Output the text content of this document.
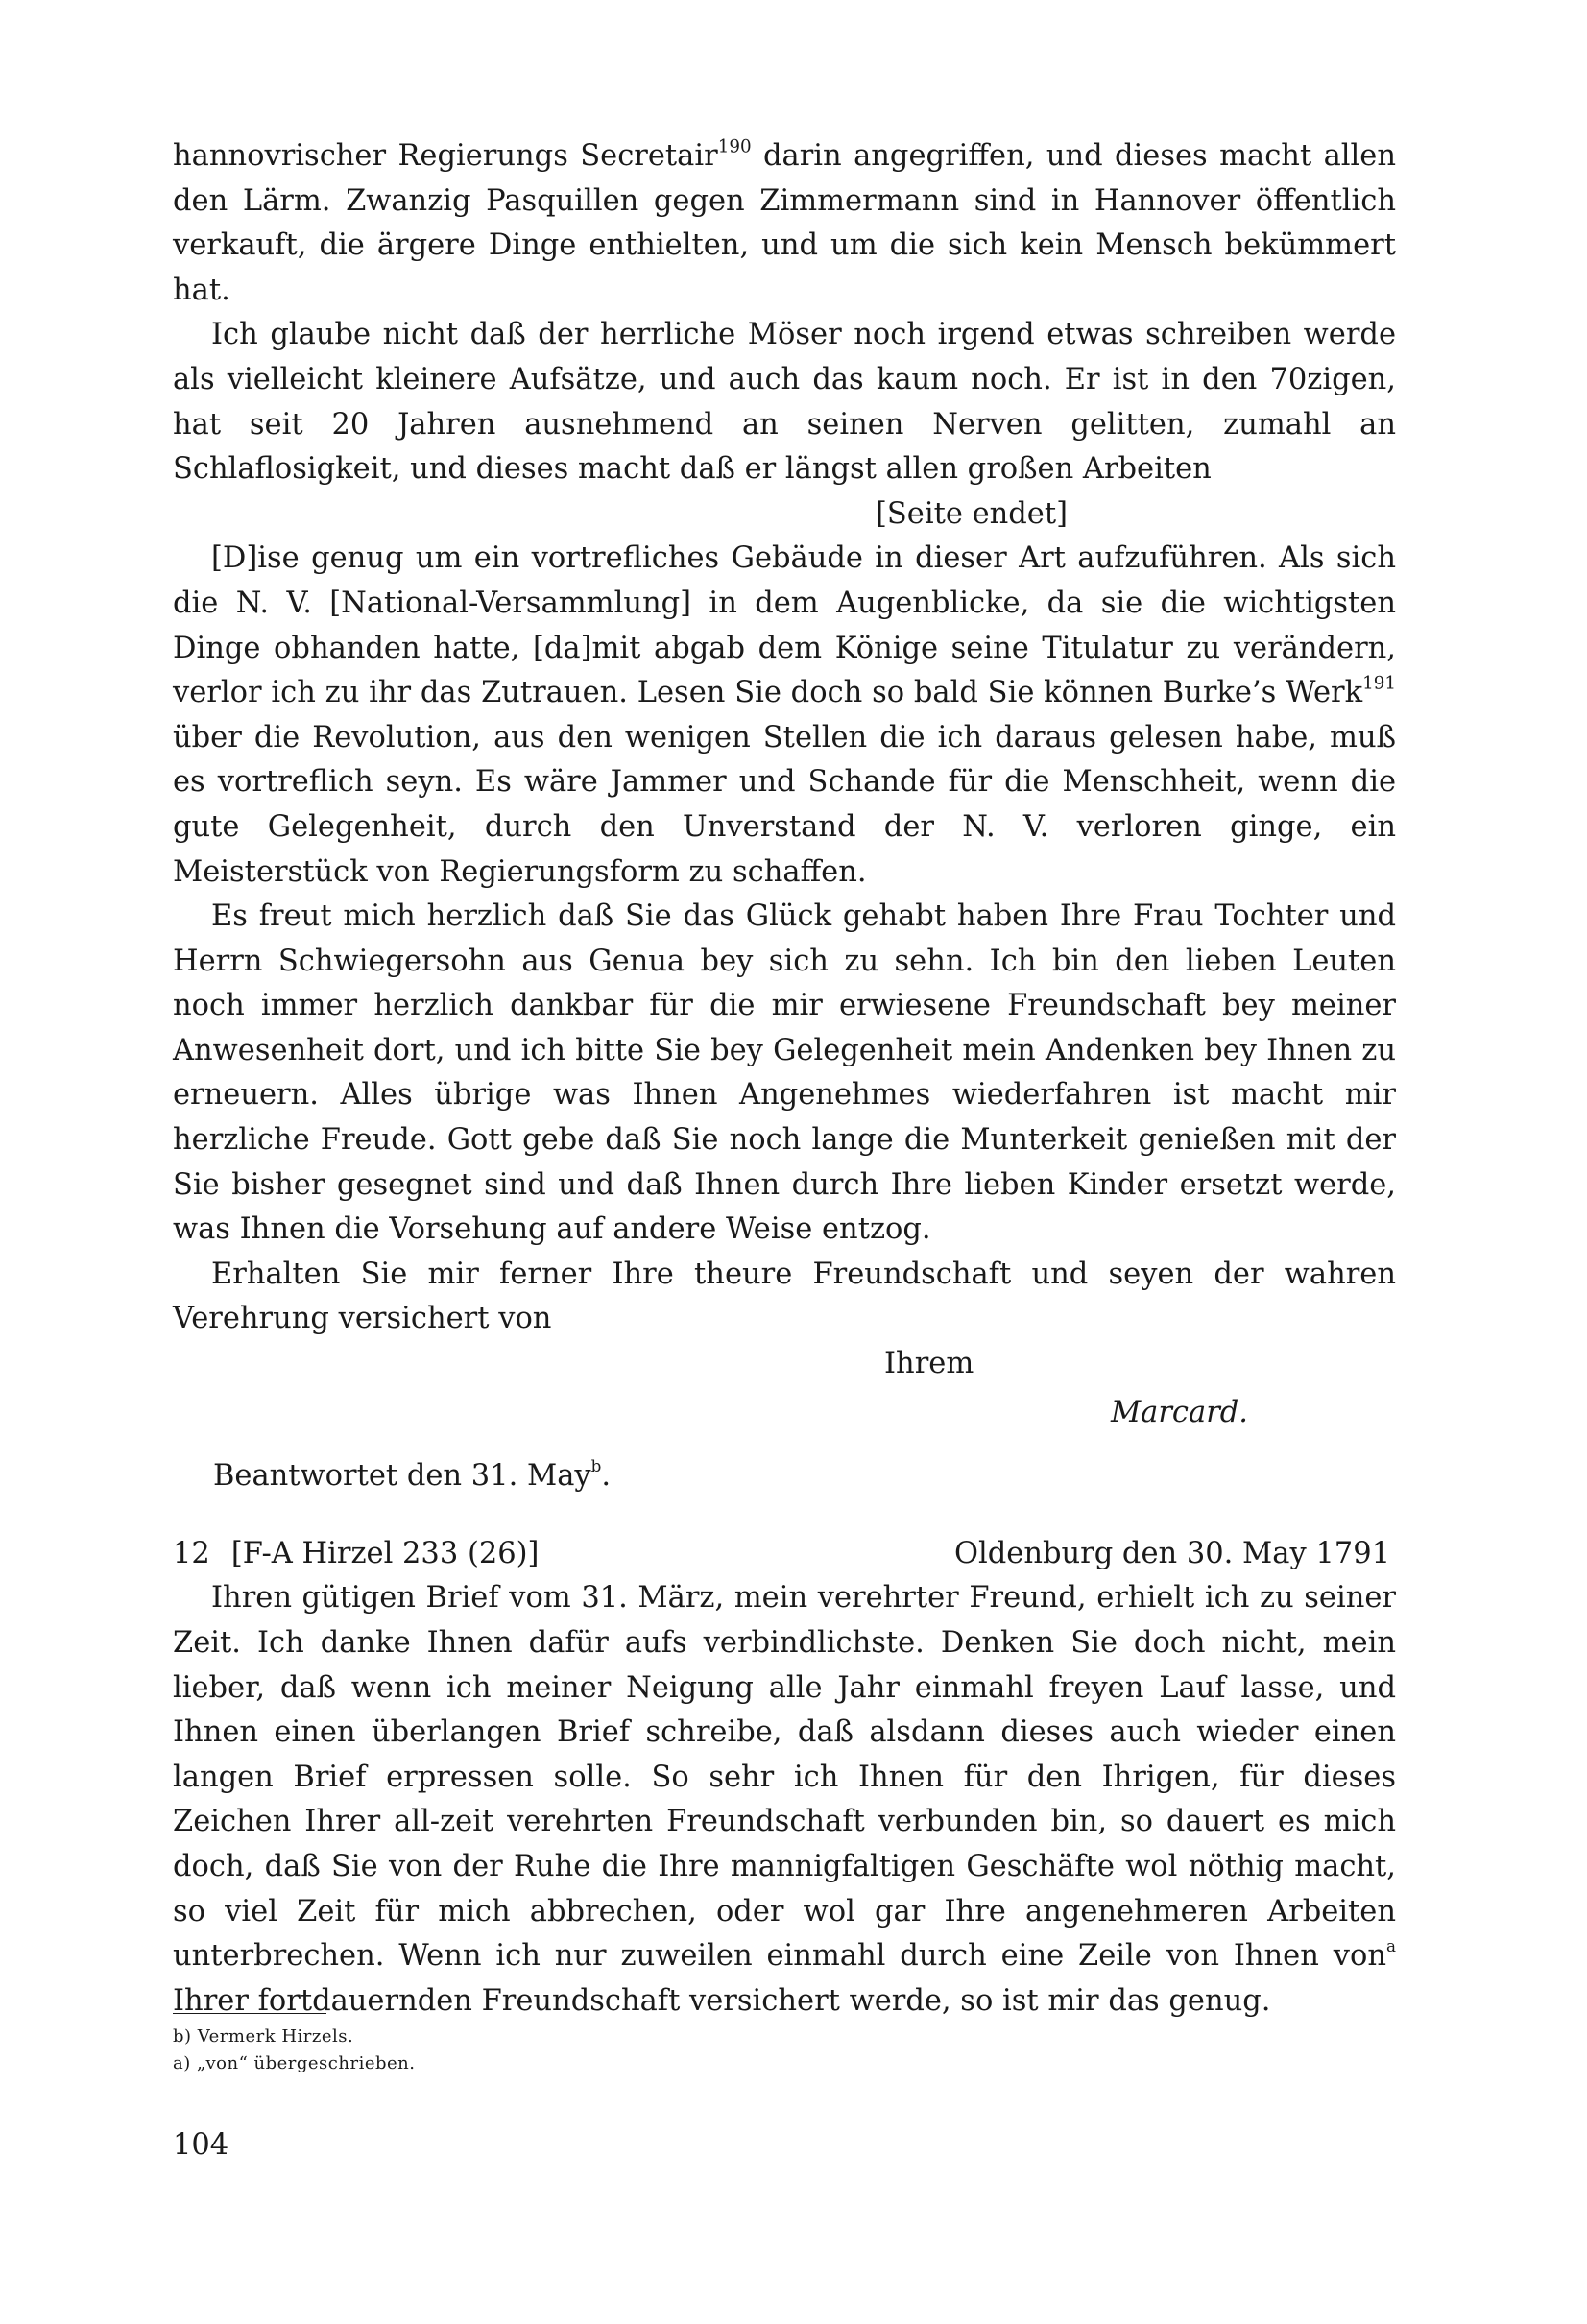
hannovrischer Regierungs Secretair$^{190}$ darin angegriffen, und dieses macht allen den Lärm. Zwanzig Pasquillen gegen Zimmermann sind in Hannover öffentlich verkauft, die ärgere Dinge enthielten, und um die sich kein Mensch bekümmert hat.

Ich glaube nicht daß der herrliche Möser noch irgend etwas schreiben werde als vielleicht kleinere Aufsätze, und auch das kaum noch. Er ist in den 70zigen, hat seit 20 Jahren ausnehmend an seinen Nerven gelitten, zumahl an Schlaflosigkeit, und dieses macht daß er längst allen großen Arbeiten

[Seite endet]

[D]ise genug um ein vortrefliches Gebäude in dieser Art aufzuführen. Als sich die N. V. [National-Versammlung] in dem Augenblicke, da sie die wichtigsten Dinge obhanden hatte, [da]mit abgab dem Könige seine Titulatur zu verändern, verlor ich zu ihr das Zutrauen. Lesen Sie doch so bald Sie können Burke’s Werk$^{191}$ über die Revolution, aus den wenigen Stellen die ich daraus gelesen habe, muß es vortreflich seyn. Es wäre Jammer und Schande für die Menschheit, wenn die gute Gelegenheit, durch den Unverstand der N. V. verloren ginge, ein Meisterstück von Regierungsform zu schaffen.

Es freut mich herzlich daß Sie das Glück gehabt haben Ihre Frau Tochter und Herrn Schwiegersohn aus Genua bey sich zu sehn. Ich bin den lieben Leuten noch immer herzlich dankbar für die mir erwiesene Freundschaft bey meiner Anwesenheit dort, und ich bitte Sie bey Gelegenheit mein Andenken bey Ihnen zu erneuern. Alles übrige was Ihnen Angenehmes wiederfahren ist macht mir herzliche Freude. Gott gebe daß Sie noch lange die Munterkeit genießen mit der Sie bisher gesegnet sind und daß Ihnen durch Ihre lieben Kinder ersetzt werde, was Ihnen die Vorsehung auf andere Weise entzog.

Erhalten Sie mir ferner Ihre theure Freundschaft und seyen der wahren Verehrung versichert von

Ihrem

Marcard.

Beantwortet den 31. May$^b$.

12 [F-A Hirzel 233 (26)]	Oldenburg den 30. May 1791

Ihren gütigen Brief vom 31. März, mein verehrter Freund, erhielt ich zu seiner Zeit. Ich danke Ihnen dafür aufs verbindlichste. Denken Sie doch nicht, mein lieber, daß wenn ich meiner Neigung alle Jahr einmahl freyen Lauf lasse, und Ihnen einen überlangen Brief schreibe, daß alsdann dieses auch wieder einen langen Brief erpressen solle. So sehr ich Ihnen für den Ihrigen, für dieses Zeichen Ihrer all-zeit verehrten Freundschaft verbunden bin, so dauert es mich doch, daß Sie von der Ruhe die Ihre mannigfaltigen Geschäfte wol nöthig macht, so viel Zeit für mich abbrechen, oder wol gar Ihre angenehmeren Arbeiten unterbrechen. Wenn ich nur zuweilen einmahl durch eine Zeile von Ihnen von$^a$ Ihrer fortdauernden Freundschaft versichert werde, so ist mir das genug.

b) Vermerk Hirzels.

a) „von“ übergeschrieben.

104
